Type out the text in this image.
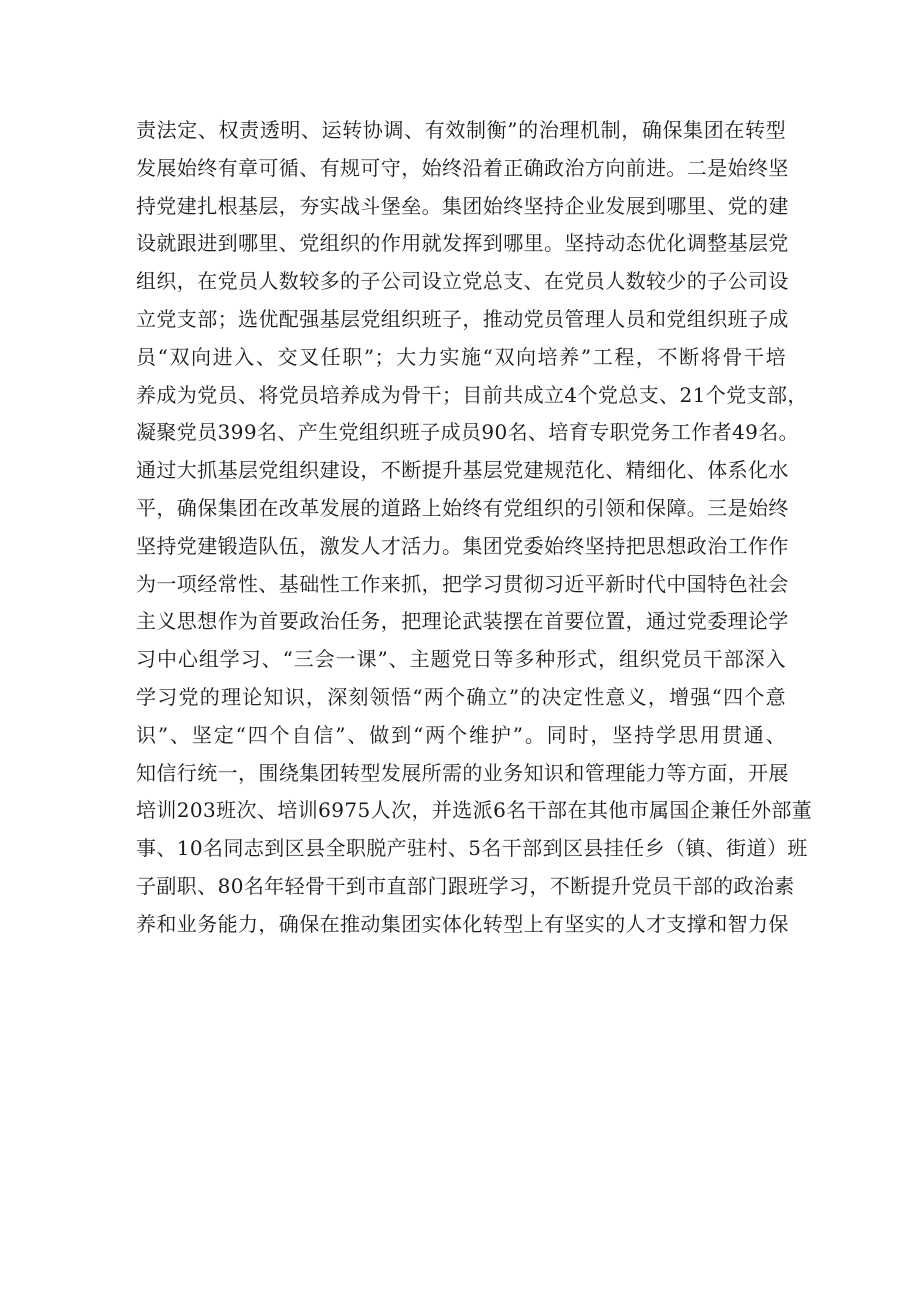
责法定、权责透明、运转协调、有效制衡”的治理机制，确保集团在转型
发展始终有章可循、有规可守，始终沿着正确政治方向前进。二是始终坚
持党建扎根基层，夯实战斗堡垒。集团始终坚持企业发展到哪里、党的建
设就跟进到哪里、党组织的作用就发挥到哪里。坚持动态优化调整基层党
组织，在党员人数较多的子公司设立党总支、在党员人数较少的子公司设
立党支部；选优配强基层党组织班子，推动党员管理人员和党组织班子成
员“双向进入、交叉任职”；大力实施“双向培养”工程，不断将骨干培
养成为党员、将党员培养成为骨干；目前共成立4个党总支、21个党支部，
凝聚党员399名、产生党组织班子成员90名、培育专职党务工作者49名。
通过大抓基层党组织建设，不断提升基层党建规范化、精细化、体系化水
平，确保集团在改革发展的道路上始终有党组织的引领和保障。三是始终
坚持党建锻造队伍，激发人才活力。集团党委始终坚持把思想政治工作作
为一项经常性、基础性工作来抓，把学习贯彻习近平新时代中国特色社会
主义思想作为首要政治任务，把理论武装摆在首要位置，通过党委理论学
习中心组学习、“三会一课”、主题党日等多种形式，组织党员干部深入
学习党的理论知识，深刻领悟“两个确立”的决定性意义，增强“四个意
识”、坚定“四个自信”、做到“两个维护”。同时，坚持学思用贯通、
知信行统一，围绕集团转型发展所需的业务知识和管理能力等方面，开展
培训203班次、培训6975人次，并选派6名干部在其他市属国企兼任外部董
事、10名同志到区县全职脱产驻村、5名干部到区县挂任乡（镇、街道）班
子副职、80名年轻骨干到市直部门跟班学习，不断提升党员干部的政治素
养和业务能力，确保在推动集团实体化转型上有坚实的人才支撑和智力保
